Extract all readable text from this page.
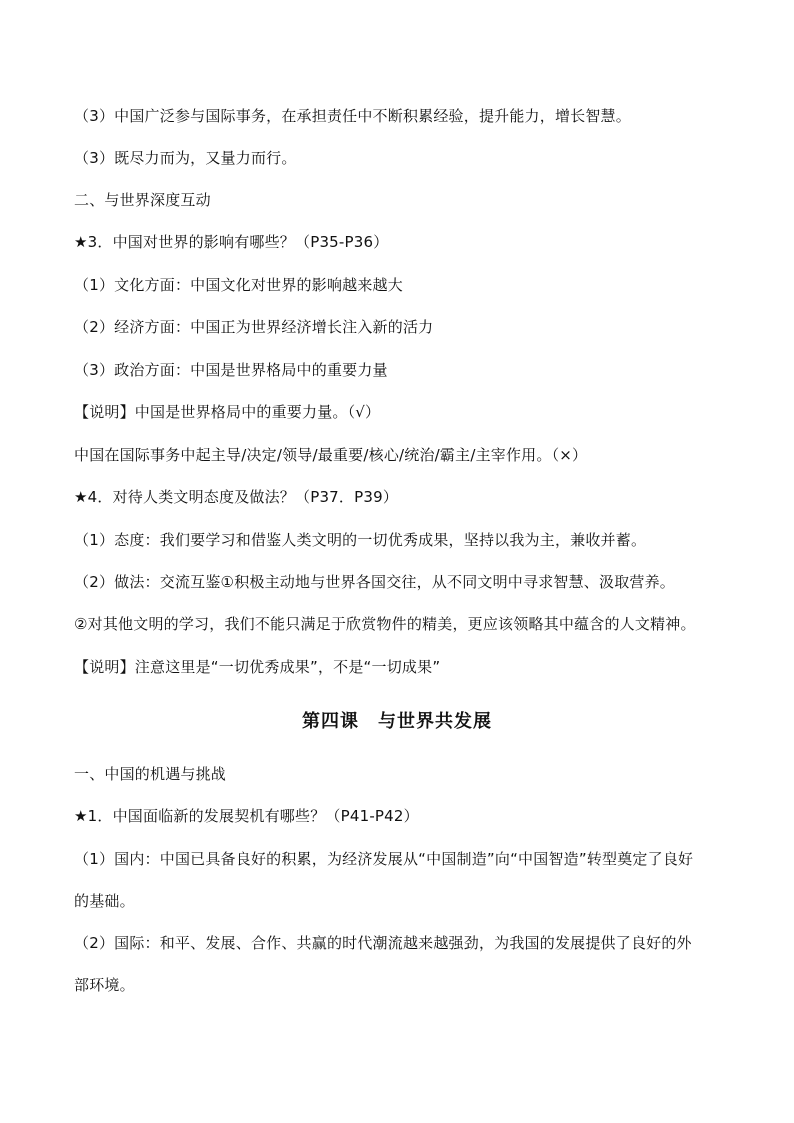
（3）中国广泛参与国际事务，在承担责任中不断积累经验，提升能力，增长智慧。
（3）既尽力而为，又量力而行。
二、与世界深度互动
★3．中国对世界的影响有哪些？（P35-P36）
（1）文化方面：中国文化对世界的影响越来越大
（2）经济方面：中国正为世界经济增长注入新的活力
（3）政治方面：中国是世界格局中的重要力量
【说明】中国是世界格局中的重要力量。（√）
中国在国际事务中起主导/决定/领导/最重要/核心/统治/霸主/主宰作用。（×）
★4．对待人类文明态度及做法？（P37．P39）
（1）态度：我们要学习和借鉴人类文明的一切优秀成果，坚持以我为主，兼收并蓄。
（2）做法：交流互鉴①积极主动地与世界各国交往，从不同文明中寻求智慧、汲取营养。
②对其他文明的学习，我们不能只满足于欣赏物件的精美，更应该领略其中蕴含的人文精神。
【说明】注意这里是“一切优秀成果”，不是“一切成果”
第四课　与世界共发展
一、中国的机遇与挑战
★1．中国面临新的发展契机有哪些？（P41-P42）
（1）国内：中国已具备良好的积累，为经济发展从“中国制造”向“中国智造”转型奠定了良好
的基础。
（2）国际：和平、发展、合作、共赢的时代潮流越来越强劲，为我国的发展提供了良好的外
部环境。
